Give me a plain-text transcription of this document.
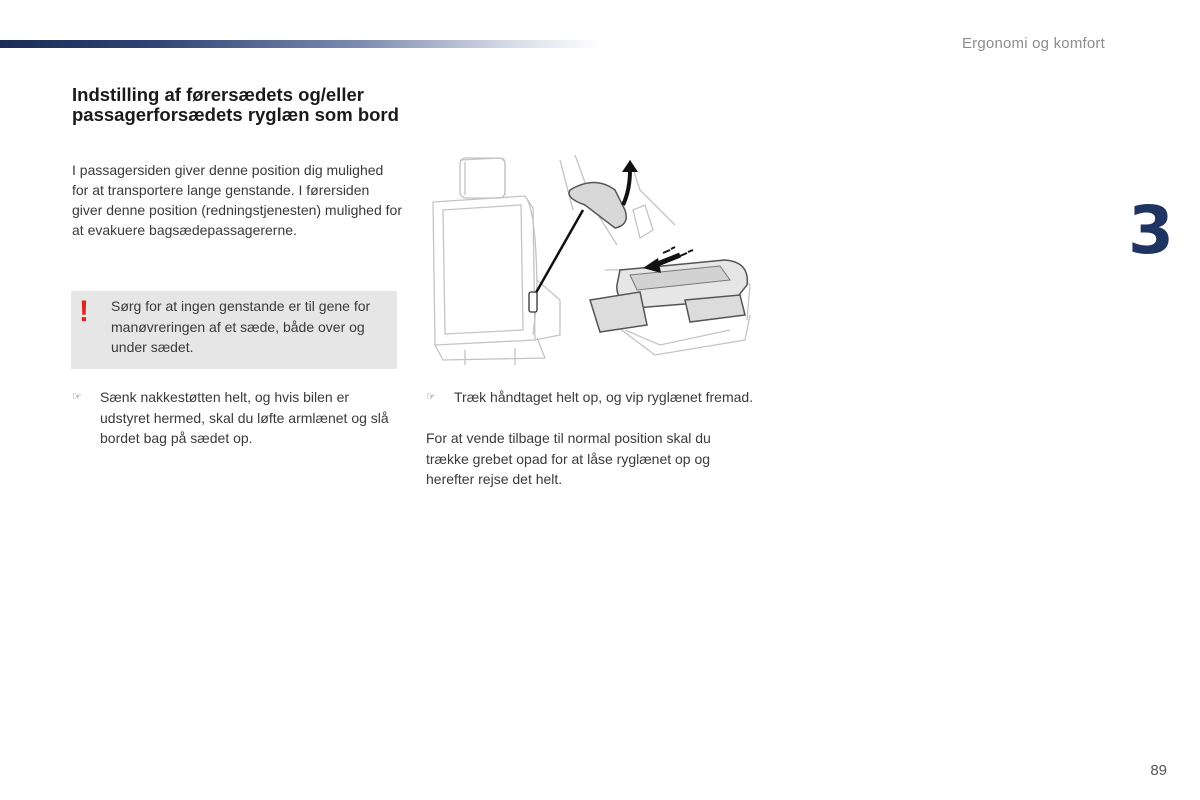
Ergonomi og komfort
3
Indstilling af førersædets og/eller passagerforsædets ryglæn som bord
I passagersiden giver denne position dig mulighed for at transportere lange genstande. I førersiden giver denne position (redningstjenesten) mulighed for at evakuere bagsædepassagererne.
! Sørg for at ingen genstande er til gene for manøvreringen af et sæde, både over og under sædet.
☞	Sænk nakkestøtten helt, og hvis bilen er udstyret hermed, skal du løfte armlænet og slå bordet bag på sædet op.
☞	Træk håndtaget helt op, og vip ryglænet fremad.
For at vende tilbage til normal position skal du trække grebet opad for at låse ryglænet op og herefter rejse det helt.
89
